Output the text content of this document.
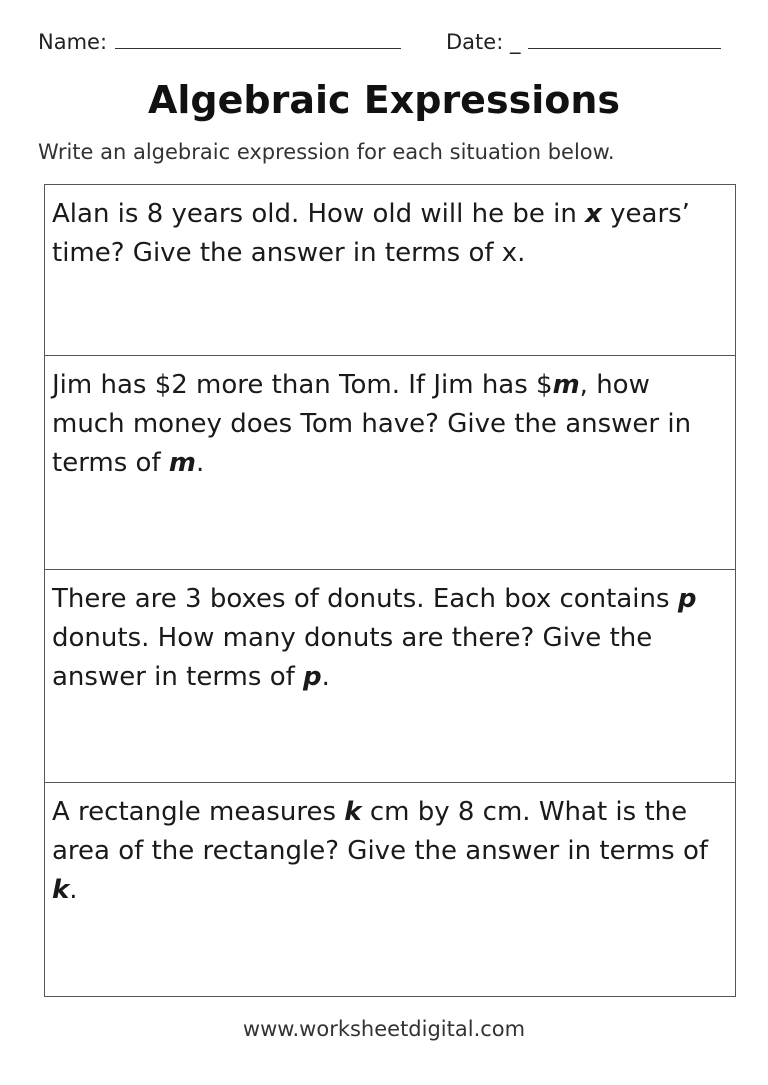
Name:	Date: _
Algebraic Expressions

Write an algebraic expression for each situation below.

Alan is 8 years old. How old will he be in x years’ time? Give the answer in terms of x.
Jim has $2 more than Tom. If Jim has $m, how much money does Tom have? Give the answer in terms of m.
There are 3 boxes of donuts. Each box contains p donuts. How many donuts are there? Give the answer in terms of p.
A rectangle measures k cm by 8 cm. What is the area of the rectangle? Give the answer in terms of k.
www.worksheetdigital.com
